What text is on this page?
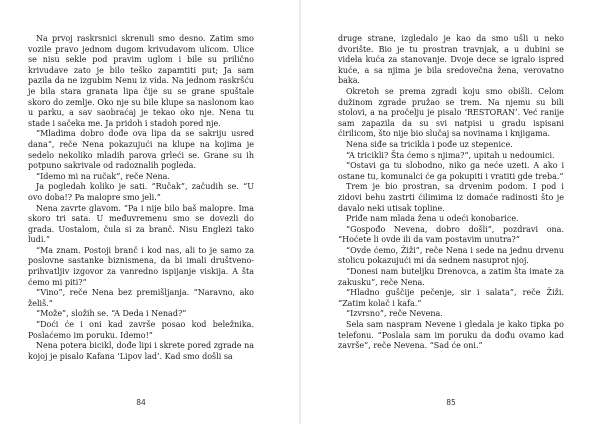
Na prvoj raskrsnici skrenuli smo desno. Zatim smo vozile pravo jednom dugom krivudavom ulicom. Ulice se nisu sekle pod pravim uglom i bile su prilično krivudave zato je bilo teško zapamtiti put; Ja sam pazila da ne izgubim Nenu iz vida. Na jednom raskršću je bila stara granata lipa čije su se grane spuštale skoro do zemlje. Oko nje su bile klupe sa naslonom kao u parku, a sav saobraćaj je tekao oko nje. Nena tu stade i sačeka me. Ja pridoh i stadoh pored nje.

“Mladima dobro dođe ova lipa da se sakriju usred dana”, reče Nena pokazujući na klupe na kojima je sedelo nekoliko mladih parova grleći se. Grane su ih potpuno sakrivale od radoznalih pogleda.

“Idemo mi na ručak”, reče Nena.

Ja pogledah koliko je sati. “Ručak”, začudih se. “U ovo doba!? Pa malopre smo jeli.”

Nena zavrte glavom. “Pa i nije bilo baš malopre. Ima skoro tri sata. U međuvremenu smo se dovezli do grada. Uostalom, čula si za branč. Nisu Englezi tako ludi.”

“Ma znam. Postoji branč i kod nas, ali to je samo za poslovne sastanke biznismena, da bi imali društveno-prihvatljiv izgovor za vanredno ispijanje viskija. A šta ćemo mi piti?”

“Vino”, reče Nena bez premišljanja. “Naravno, ako želiš.”

“Može”, složih se. “A Deda i Nenad?”

“Doći će i oni kad završe posao kod beležnika. Poslaćemo im poruku. Idemo!”

Nena poterа bicikl, dođe lipi i skrete pored zgrade na kojoj je pisalo Kafana ‘Lipov lad’. Kad smo došli sa

84

druge strane, izgledalo je kao da smo ušli u neko dvorište. Bio je tu prostran travnjak, a u dubini se videla kuća za stanovanje. Dvoje dece se igralo ispred kuće, a sa njima je bila sredovečna žena, verovatno baka.

Okretoh se prema zgradi koju smo obišli. Celom dužinom zgrade pružao se trem. Na njemu su bili stolovi, a na pročelju je pisalo ‘RESTORAN’. Već ranije sam zapazila da su svi natpisi u gradu ispisani ćirilicom, što nije bio slučaj sa novinama i knjigama.

Nena siđe sa tricikla i pođe uz stepenice.

“A tricikli? Šta ćemo s njima?”, upitah u nedoumici.

“Ostavi ga tu slobodno, niko ga neće uzeti. A ako i ostane tu, komunalci će ga pokupiti i vratiti gde treba.”

Trem je bio prostran, sa drvenim podom. I pod i zidovi behu zastrti ćilimima iz domaće radinosti što je davalo neki utisak topline.

Priđe nam mlada žena u odeći konobarice.

“Gospođo Nevena, dobro došli”, pozdravi ona. “Hoćete li ovde ili da vam postavim unutra?”

“Ovde ćemo, Žiži”, reče Nena i sede na jednu drvenu stolicu pokazujući mi da sednem nasuprot njoj.

“Donesi nam buteljku Drenovca, a zatim šta imate za zakusku”, reče Nena.

“Hladno guščije pečenje, sir i salata”, reče Žiži. “Zatim kolač i kafa.”

“Izvrsno”, reče Nevena.

Sela sam naspram Nevene i gledala je kako tipka po telefonu. “Poslala sam im poruku da dođu ovamo kad završe”, reče Nevena. “Sad će oni.”

85
